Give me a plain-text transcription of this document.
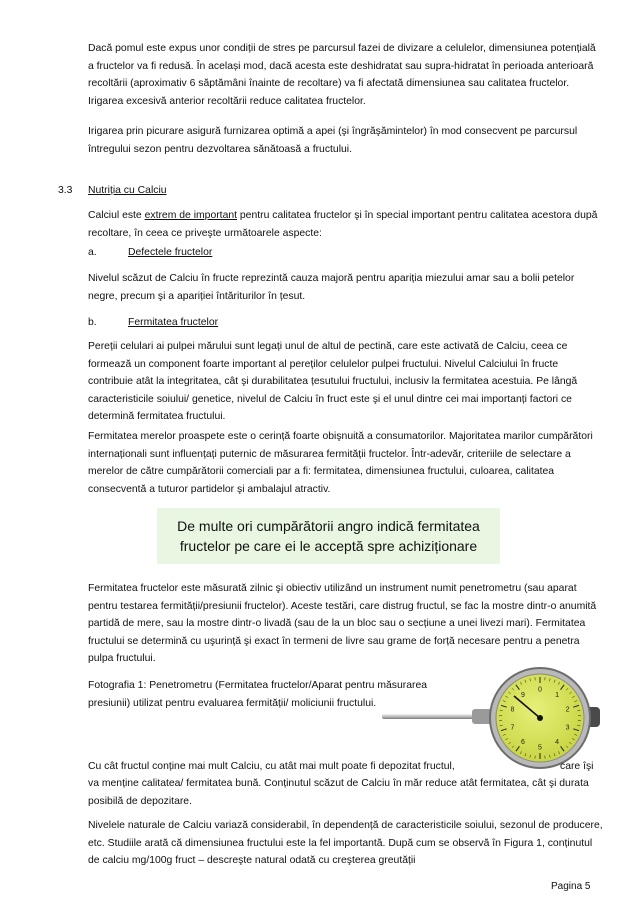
Dacă pomul este expus unor condiții de stres pe parcursul fazei de divizare a celulelor, dimensiunea potențială a fructelor va fi redusă. În același mod, dacă acesta este deshidratat sau supra-hidratat în perioada anterioară recoltării (aproximativ 6 săptămâni înainte de recoltare) va fi afectată dimensiunea sau calitatea fructelor. Irigarea excesivă anterior recoltării reduce calitatea fructelor.

Irigarea prin picurare asigură furnizarea optimă a apei (şi îngrăşămintelor) în mod consecvent pe parcursul întregului sezon pentru dezvoltarea sănătoasă a fructului.

3.3 Nutriția cu Calciu

Calciul este extrem de important pentru calitatea fructelor şi în special important pentru calitatea acestora după recoltare, în ceea ce priveşte următoarele aspecte:

a.	Defectele fructelor

Nivelul scăzut de Calciu în fructe reprezintă cauza majoră pentru apariția miezului amar sau a bolii petelor negre, precum şi a apariției întăriturilor în țesut.

b.	Fermitatea fructelor

Pereții celulari ai pulpei mărului sunt legați unul de altul de pectină, care este activată de Calciu, ceea ce formează un component foarte important al pereților celulelor pulpei fructului. Nivelul Calciului în fructe contribuie atât la integritatea, cât şi durabilitatea țesutului fructului, inclusiv la fermitatea acestuia. Pe lângă caracteristicile soiului/ genetice, nivelul de Calciu în fruct este şi el unul dintre cei mai importanți factori ce determină fermitatea fructului.

Fermitatea merelor proaspete este o cerință foarte obişnuită a consumatorilor. Majoritatea marilor cumpărători internaționali sunt influențați puternic de măsurarea fermității fructelor. Într-adevăr, criteriile de selectare a merelor de către cumpărătorii comerciali par a fi: fermitatea, dimensiunea fructului, culoarea, calitatea consecventă a tuturor partidelor şi ambalajul atractiv.

De multe ori cumpărătorii angro indică fermitatea
fructelor pe care ei le acceptă spre achiziționare

Fermitatea fructelor este măsurată zilnic şi obiectiv utilizând un instrument numit penetrometru (sau aparat pentru testarea fermității/presiunii fructelor). Aceste testări, care distrug fructul, se fac la mostre dintr-o anumită partidă de mere, sau la mostre dintr-o livadă (sau de la un bloc sau o secțiune a unei livezi mari). Fermitatea fructului se determină cu uşurință şi exact în termeni de livre sau grame de forță necesare pentru a penetra pulpa fructului.

Fotografia 1: Penetrometru (Fermitatea fructelor/Aparat pentru măsurarea presiunii) utilizat pentru evaluarea fermității/ moliciunii fructului.

0
1
2
3
4
5
6
7
8
9
Cu cât fructul conține mai mult Calciu, cu atât mai mult poate fi depozitat fructul,	care îşi

va menține calitatea/ fermitatea bună. Conținutul scăzut de Calciu în măr reduce atât fermitatea, cât şi durata posibilă de depozitare.

Nivelele naturale de Calciu variază considerabil, în dependență de caracteristicile soiului, sezonul de producere, etc. Studiile arată că dimensiunea fructului este la fel importantă. După cum se observă în Figura 1, conținutul de calciu mg/100g fruct – descreşte natural odată cu creşterea greutății

Pagina 5
